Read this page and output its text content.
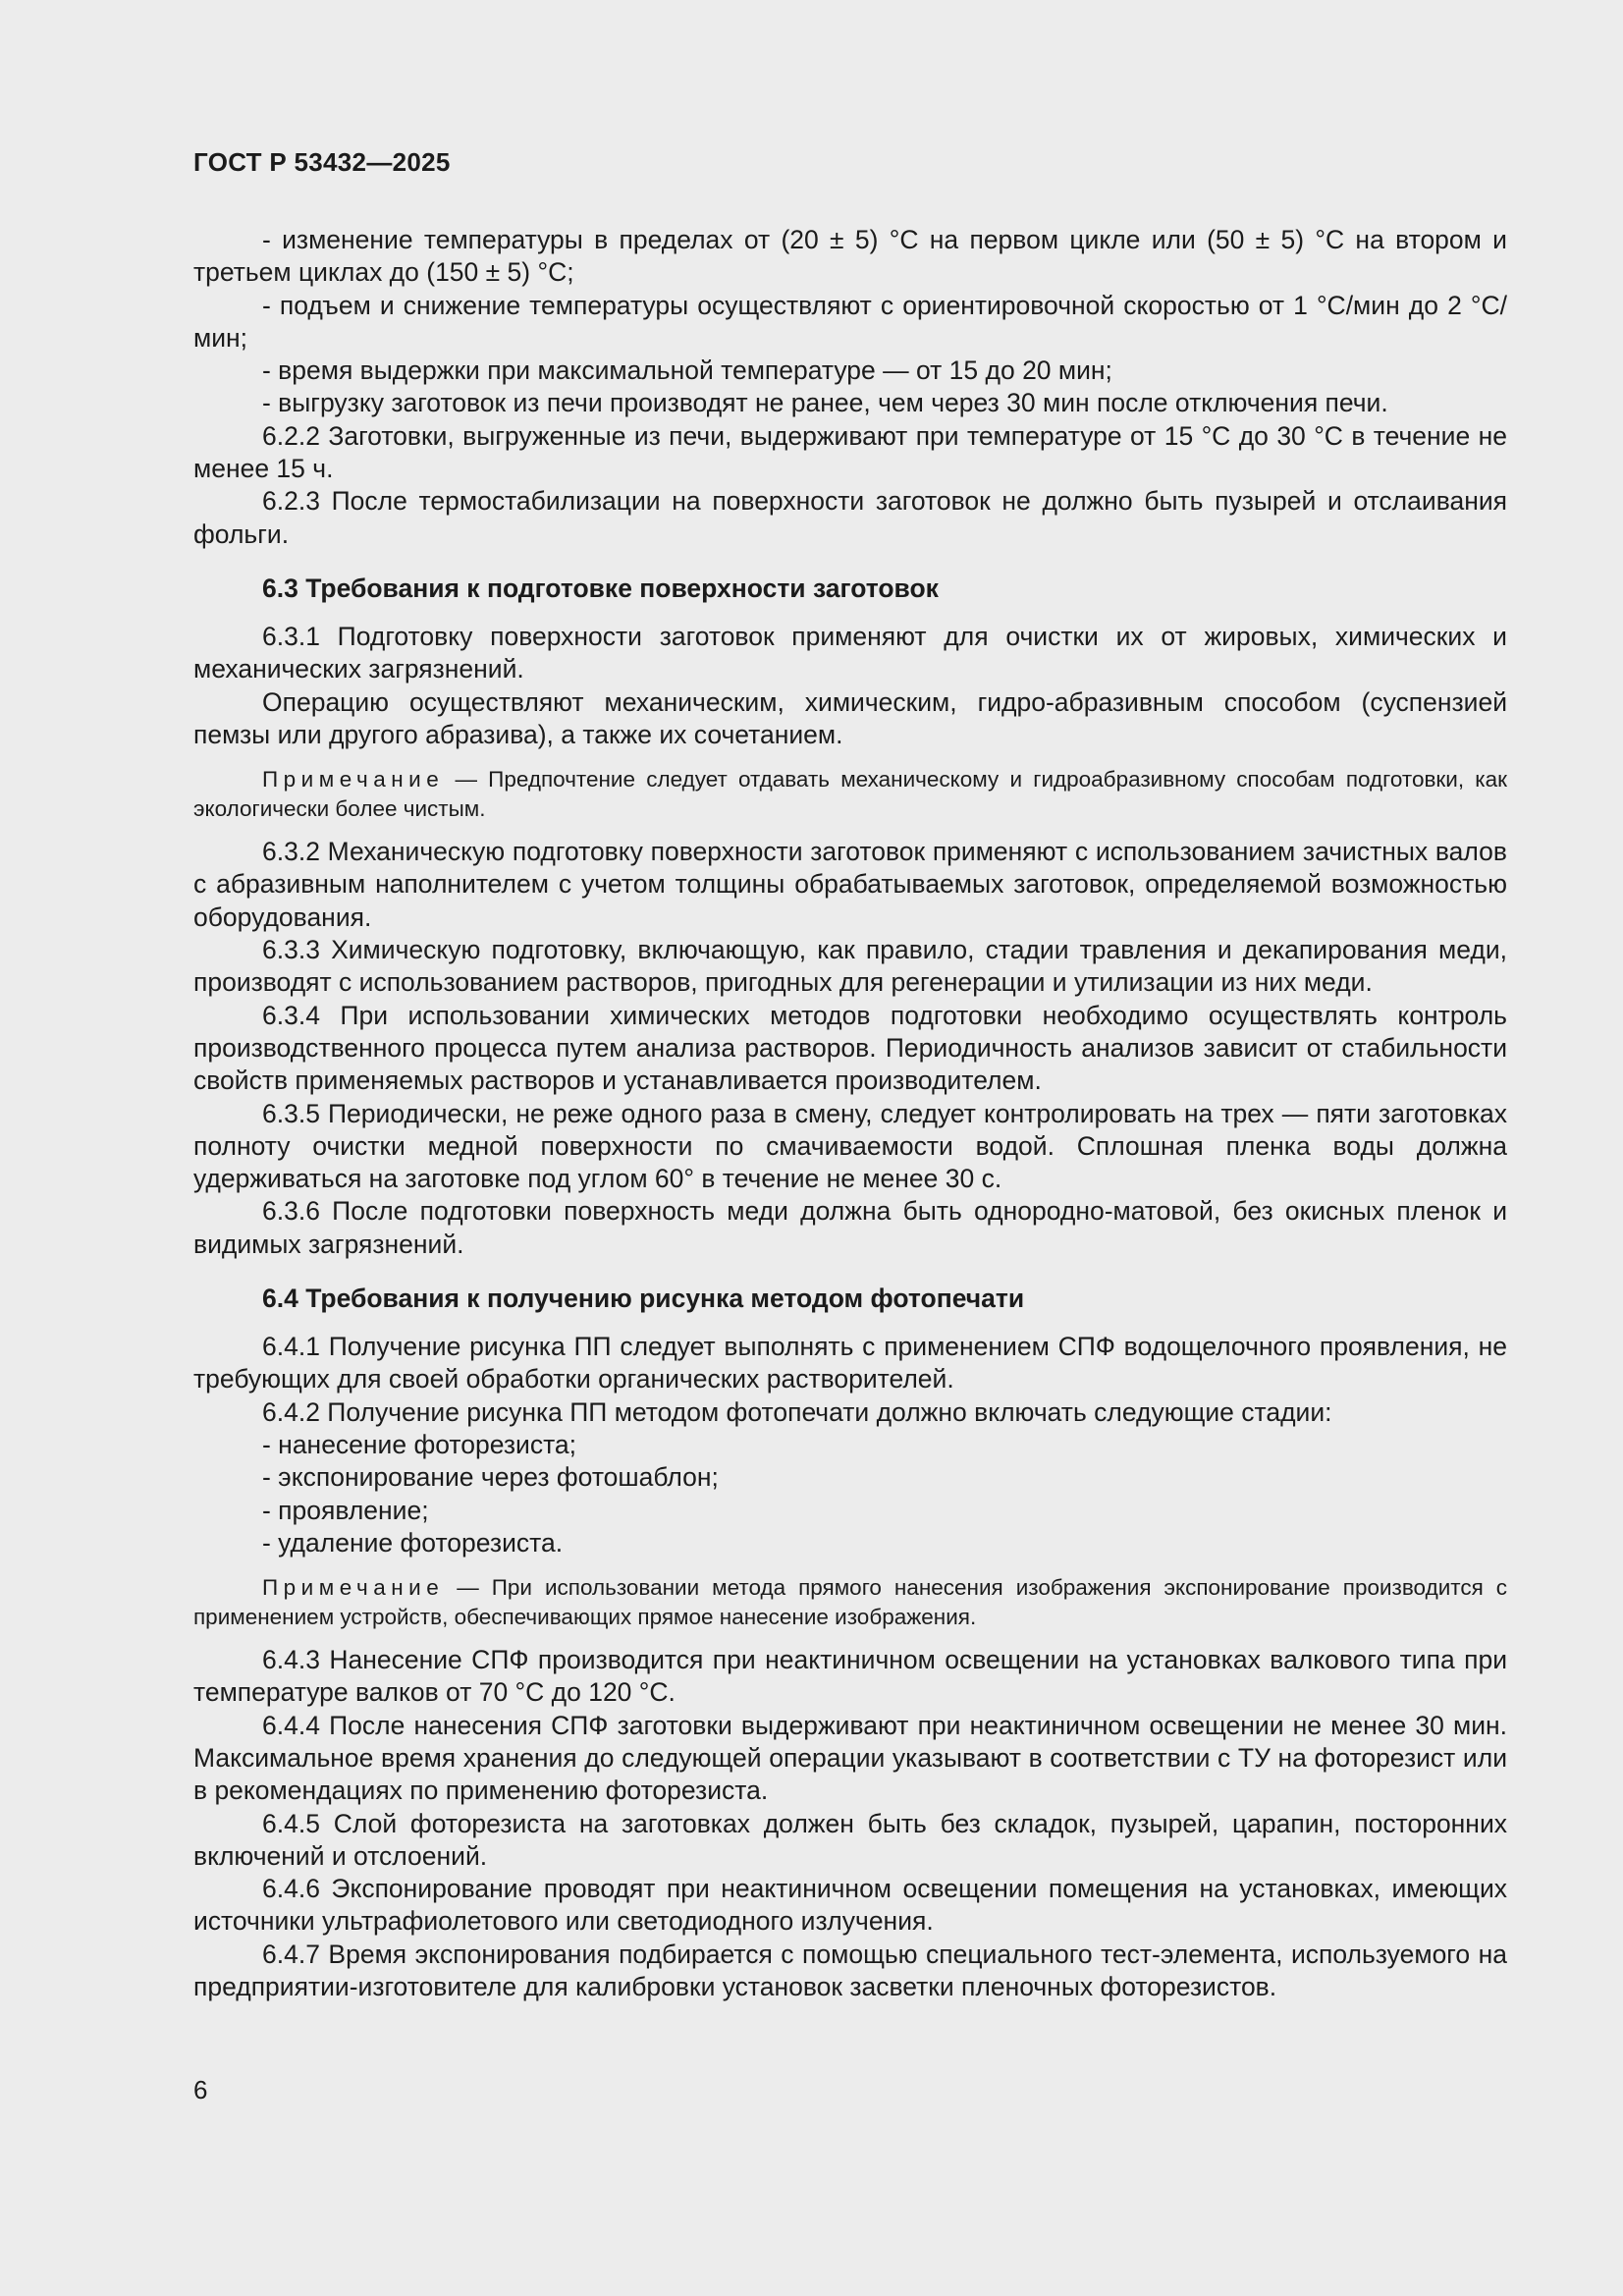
ГОСТ Р 53432—2025

- изменение температуры в пределах от (20 ± 5) °С на первом цикле или (50 ± 5) °С на втором и третьем циклах до (150 ± 5) °С;

- подъем и снижение температуры осуществляют с ориентировочной скоростью от 1 °С/мин до 2 °С/мин;

- время выдержки при максимальной температуре — от 15 до 20 мин;

- выгрузку заготовок из печи производят не ранее, чем через 30 мин после отключения печи.

6.2.2 Заготовки, выгруженные из печи, выдерживают при температуре от 15 °С до 30 °С в течение не менее 15 ч.

6.2.3 После термостабилизации на поверхности заготовок не должно быть пузырей и отслаивания фольги.

6.3 Требования к подготовке поверхности заготовок

6.3.1 Подготовку поверхности заготовок применяют для очистки их от жировых, химических и механических загрязнений.

Операцию осуществляют механическим, химическим, гидро-абразивным способом (суспензией пемзы или другого абразива), а также их сочетанием.

Примечание — Предпочтение следует отдавать механическому и гидроабразивному способам подготовки, как экологически более чистым.

6.3.2 Механическую подготовку поверхности заготовок применяют с использованием зачистных валов с абразивным наполнителем с учетом толщины обрабатываемых заготовок, определяемой возможностью оборудования.

6.3.3 Химическую подготовку, включающую, как правило, стадии травления и декапирования меди, производят с использованием растворов, пригодных для регенерации и утилизации из них меди.

6.3.4 При использовании химических методов подготовки необходимо осуществлять контроль производственного процесса путем анализа растворов. Периодичность анализов зависит от стабильности свойств применяемых растворов и устанавливается производителем.

6.3.5 Периодически, не реже одного раза в смену, следует контролировать на трех — пяти заготовках полноту очистки медной поверхности по смачиваемости водой. Сплошная пленка воды должна удерживаться на заготовке под углом 60° в течение не менее 30 с.

6.3.6 После подготовки поверхность меди должна быть однородно-матовой, без окисных пленок и видимых загрязнений.

6.4 Требования к получению рисунка методом фотопечати

6.4.1 Получение рисунка ПП следует выполнять с применением СПФ водощелочного проявления, не требующих для своей обработки органических растворителей.

6.4.2 Получение рисунка ПП методом фотопечати должно включать следующие стадии:

- нанесение фоторезиста;

- экспонирование через фотошаблон;

- проявление;

- удаление фоторезиста.

Примечание — При использовании метода прямого нанесения изображения экспонирование производится с применением устройств, обеспечивающих прямое нанесение изображения.

6.4.3 Нанесение СПФ производится при неактиничном освещении на установках валкового типа при температуре валков от 70 °С до 120 °С.

6.4.4 После нанесения СПФ заготовки выдерживают при неактиничном освещении не менее 30 мин. Максимальное время хранения до следующей операции указывают в соответствии с ТУ на фоторезист или в рекомендациях по применению фоторезиста.

6.4.5 Слой фоторезиста на заготовках должен быть без складок, пузырей, царапин, посторонних включений и отслоений.

6.4.6 Экспонирование проводят при неактиничном освещении помещения на установках, имеющих источники ультрафиолетового или светодиодного излучения.

6.4.7 Время экспонирования подбирается с помощью специального тест-элемента, используемого на предприятии-изготовителе для калибровки установок засветки пленочных фоторезистов.

6
